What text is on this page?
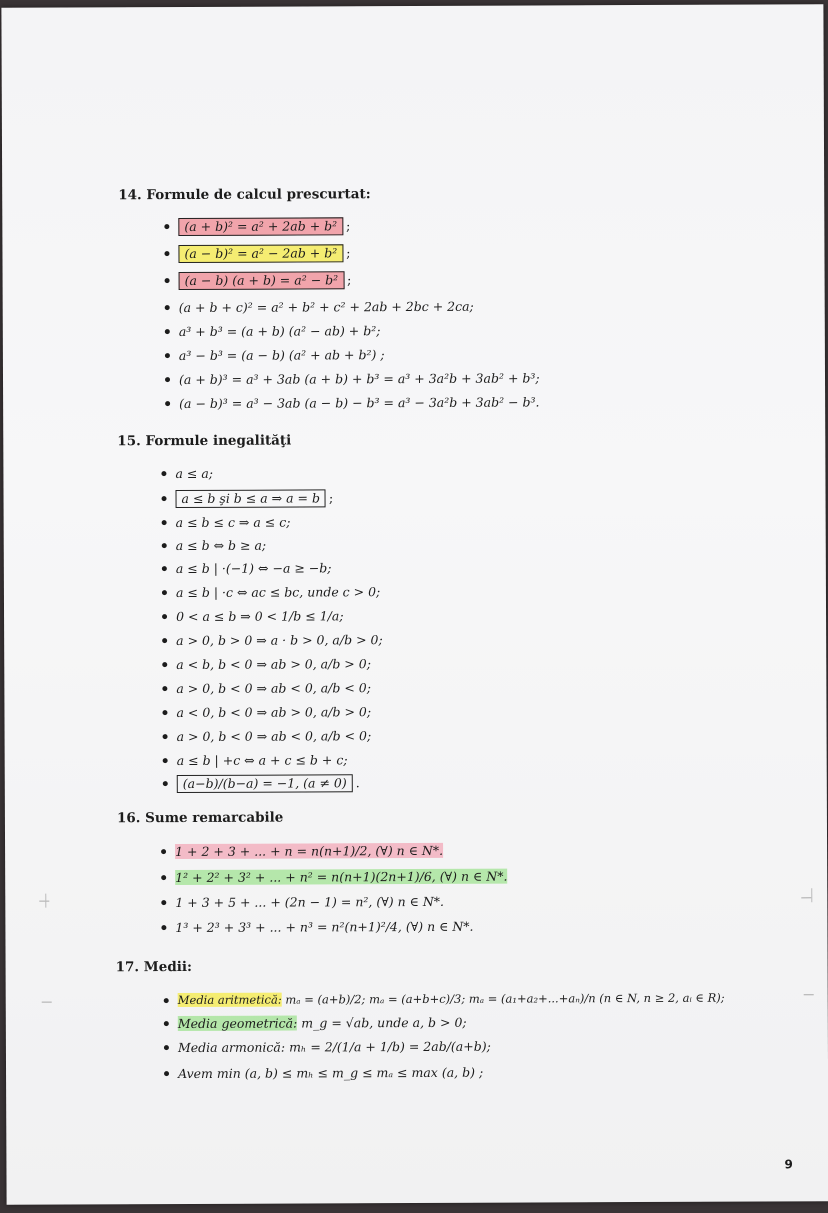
14. Formule de calcul prescurtat:
(a + b)² = a² + 2ab + b² ;
(a − b)² = a² − 2ab + b² ;
(a − b) (a + b) = a² − b² ;
(a + b + c)² = a² + b² + c² + 2ab + 2bc + 2ca;
a³ + b³ = (a + b) (a² − ab) + b²;
a³ − b³ = (a − b) (a² + ab + b²) ;
(a + b)³ = a³ + 3ab (a + b) + b³ = a³ + 3a²b + 3ab² + b³;
(a − b)³ = a³ − 3ab (a − b) − b³ = a³ − 3a²b + 3ab² − b³.
15. Formule inegalităţi
a ≤ a;
a ≤ b şi b ≤ a ⇒ a = b ;
a ≤ b ≤ c ⇒ a ≤ c;
a ≤ b ⇔ b ≥ a;
a ≤ b | ·(−1) ⇔ −a ≥ −b;
a ≤ b | ·c ⇔ ac ≤ bc, unde c > 0;
0 < a ≤ b ⇒ 0 < 1/b ≤ 1/a;
a > 0, b > 0 ⇒ a · b > 0, a/b > 0;
a < b, b < 0 ⇒ ab > 0, a/b > 0;
a > 0, b < 0 ⇒ ab < 0, a/b < 0;
a < 0, b < 0 ⇒ ab > 0, a/b > 0;
a > 0, b < 0 ⇒ ab < 0, a/b < 0;
a ≤ b | +c ⇔ a + c ≤ b + c;
(a−b)/(b−a) = −1, (a ≠ 0) .
16. Sume remarcabile
1 + 2 + 3 + ... + n = n(n+1)/2, (∀) n ∈ N*.
1² + 2² + 3² + ... + n² = n(n+1)(2n+1)/6, (∀) n ∈ N*.
1 + 3 + 5 + ... + (2n − 1) = n², (∀) n ∈ N*.
1³ + 2³ + 3³ + ... + n³ = n²(n+1)²/4, (∀) n ∈ N*.
17. Medii:
Media aritmetică: mₐ = (a+b)/2; mₐ = (a+b+c)/3; mₐ = (a₁+a₂+...+aₙ)/n (n ∈ N, n ≥ 2, aᵢ ∈ R);
Media geometrică: m_g = √ab, unde a, b > 0;
Media armonică: mₕ = 2/(1/a + 1/b) = 2ab/(a+b);
Avem min (a, b) ≤ mₕ ≤ m_g ≤ mₐ ≤ max (a, b) ;
9
